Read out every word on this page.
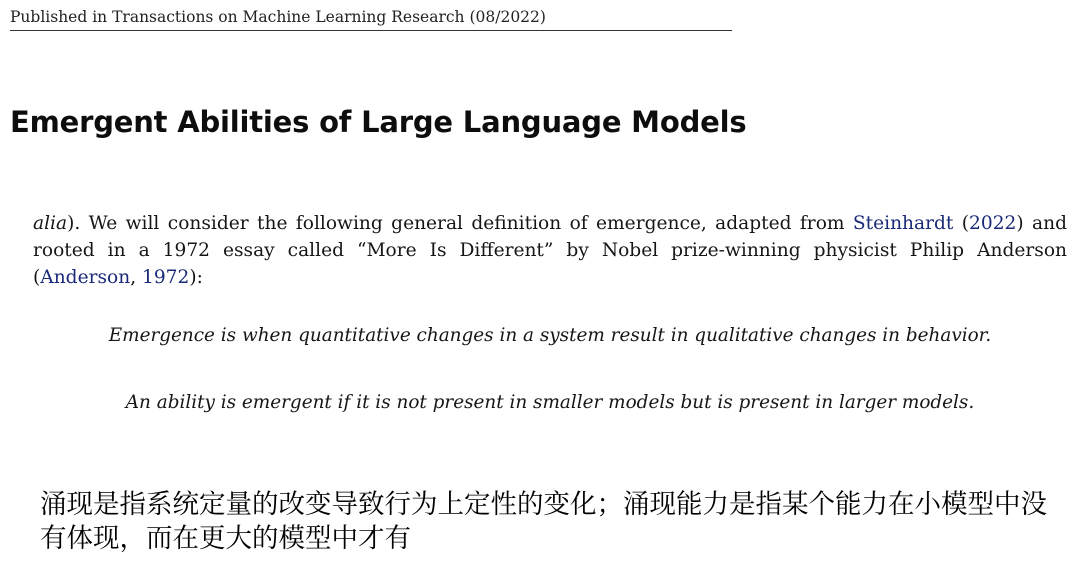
Published in Transactions on Machine Learning Research (08/2022)
Emergent Abilities of Large Language Models

alia). We will consider the following general definition of emergence, adapted from Steinhardt (2022) and rooted in a 1972 essay called “More Is Different” by Nobel prize-winning physicist Philip Anderson (Anderson, 1972):

Emergence is when quantitative changes in a system result in qualitative changes in behavior.

An ability is emergent if it is not present in smaller models but is present in larger models.

涌现是指系统定量的改变导致行为上定性的变化；涌现能力是指某个能力在小模型中没有体现，而在更大的模型中才有
